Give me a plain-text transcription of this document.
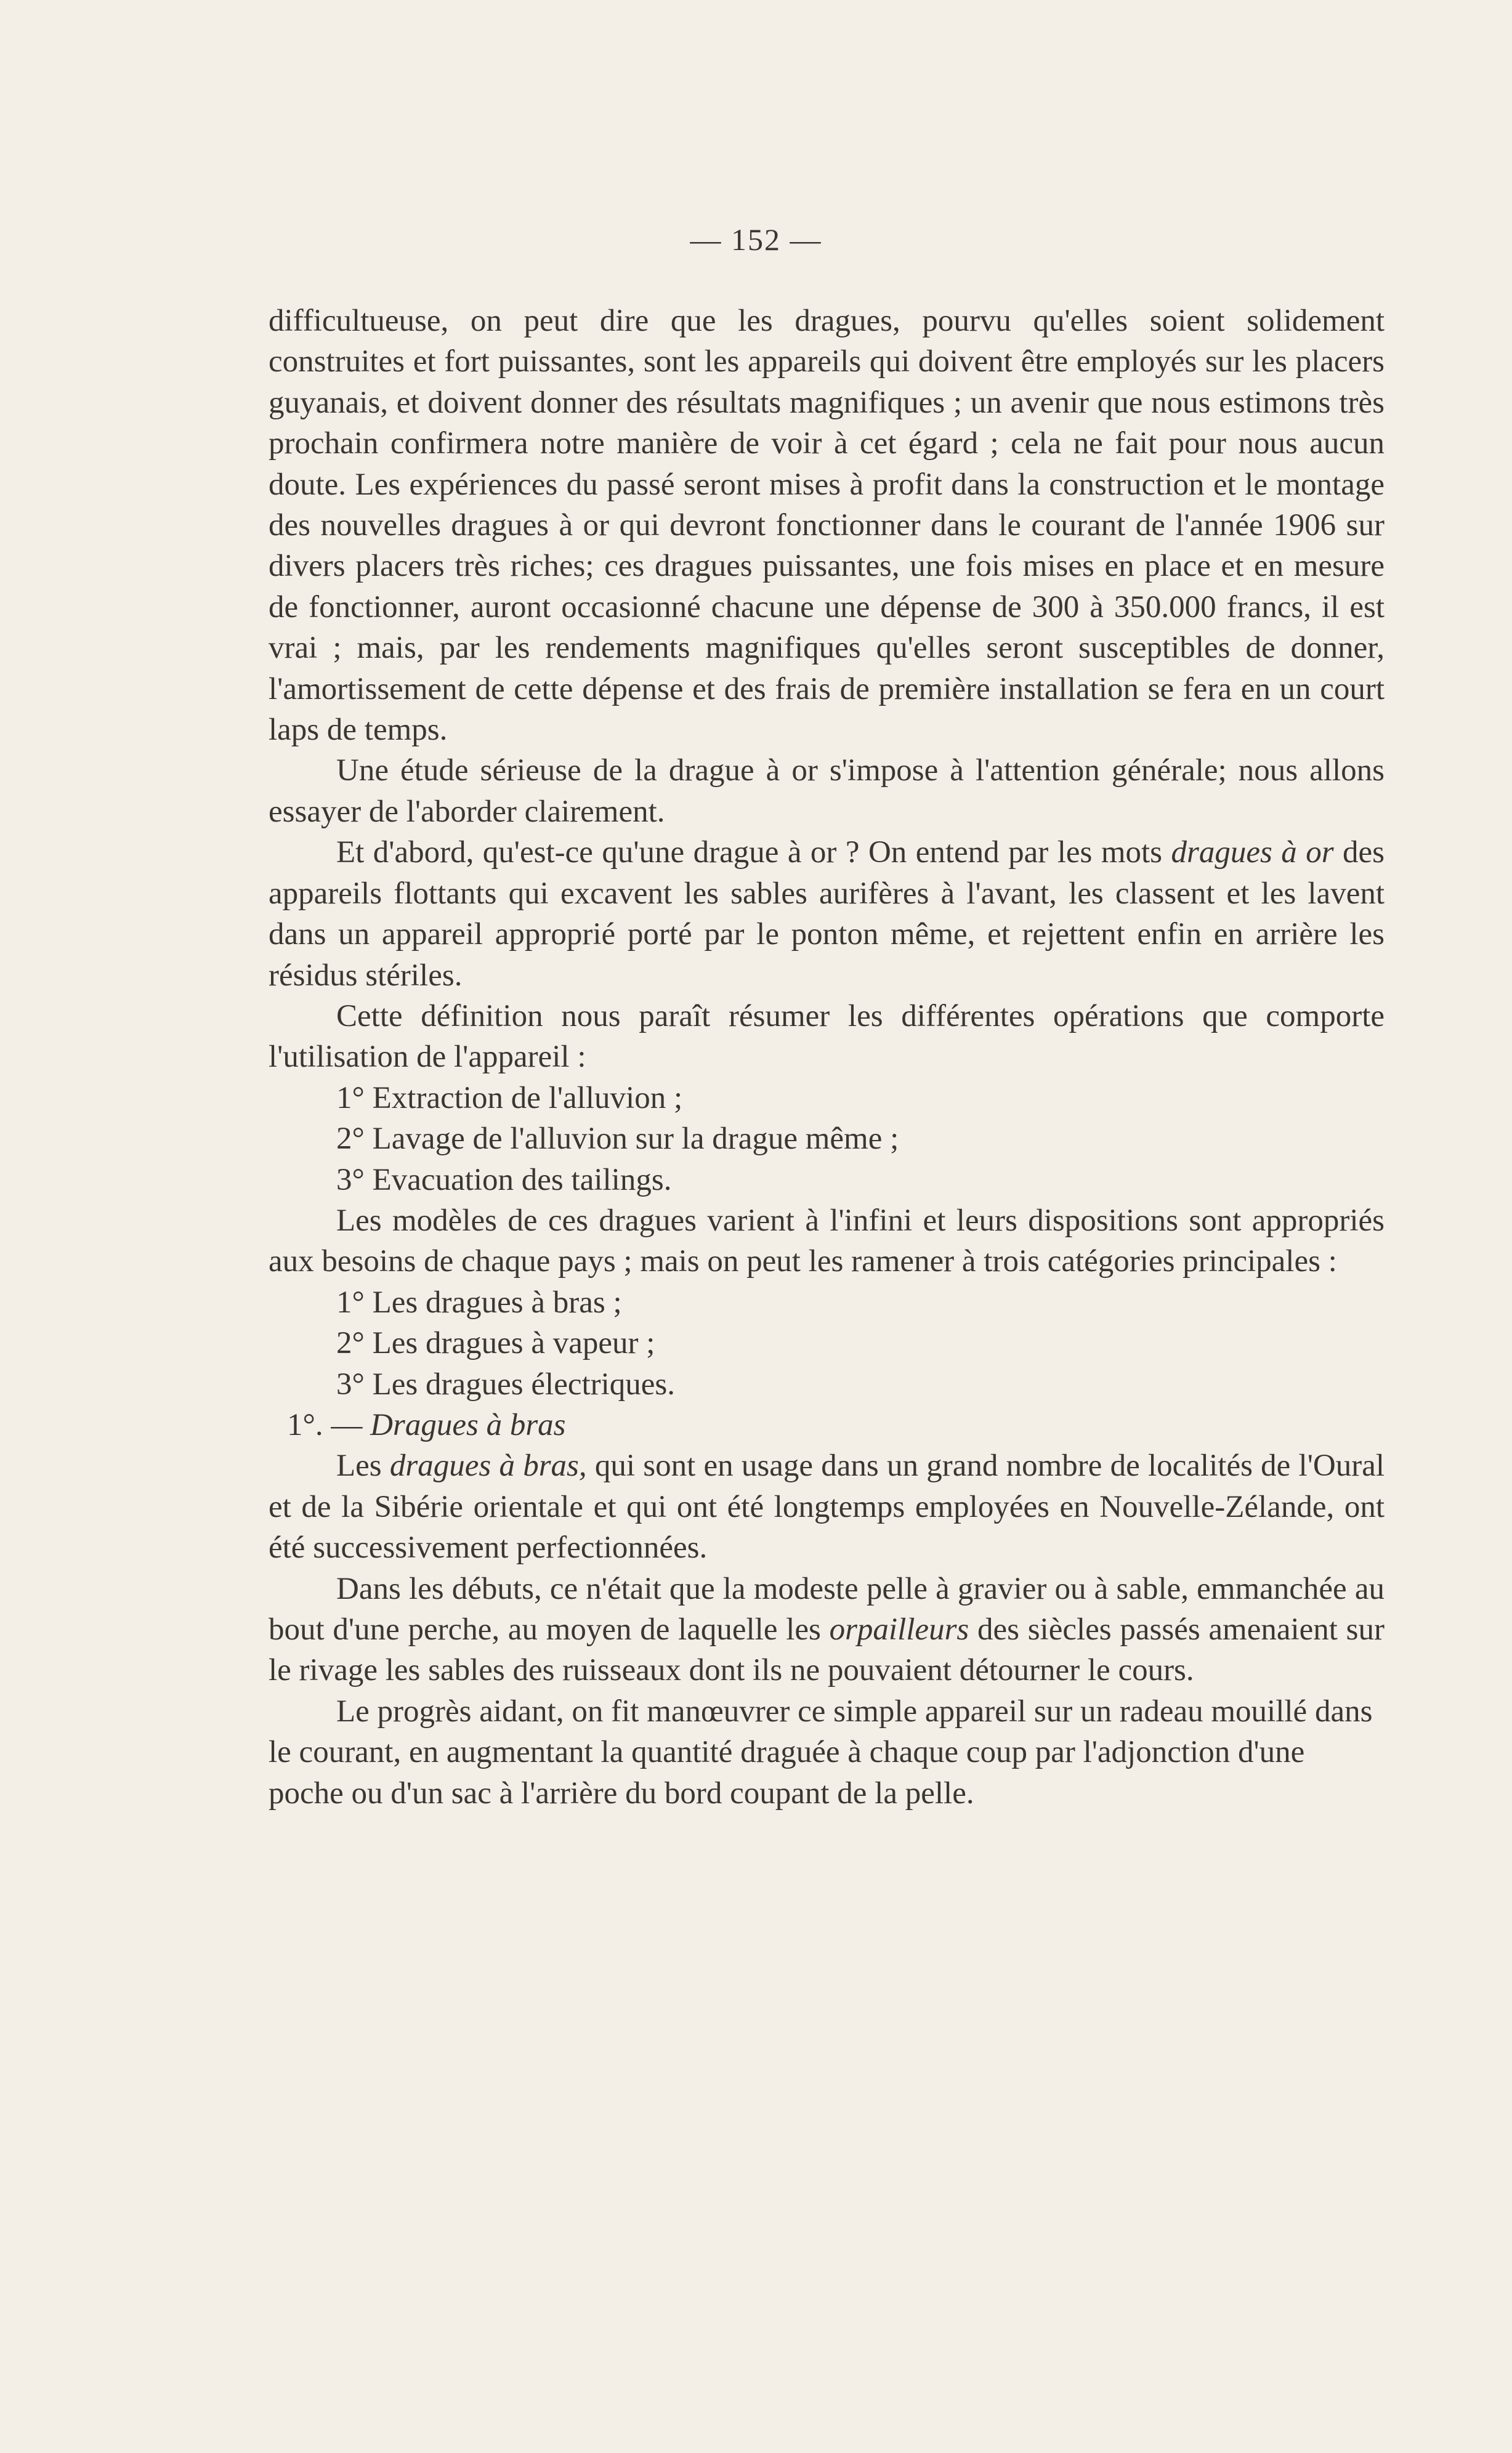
— 152 —

difficultueuse, on peut dire que les dragues, pourvu qu'elles soient solidement construites et fort puissantes, sont les appareils qui doivent être employés sur les placers guyanais, et doivent donner des résultats magnifiques ; un avenir que nous estimons très prochain confirmera notre manière de voir à cet égard ; cela ne fait pour nous aucun doute. Les expériences du passé seront mises à profit dans la construction et le montage des nouvelles dragues à or qui devront fonctionner dans le courant de l'année 1906 sur divers placers très riches; ces dragues puissantes, une fois mises en place et en mesure de fonctionner, auront occasionné chacune une dépense de 300 à 350.000 francs, il est vrai ; mais, par les rendements magnifiques qu'elles seront susceptibles de donner, l'amortissement de cette dépense et des frais de première installation se fera en un court laps de temps.

Une étude sérieuse de la drague à or s'impose à l'attention générale; nous allons essayer de l'aborder clairement.

Et d'abord, qu'est-ce qu'une drague à or ? On entend par les mots dragues à or des appareils flottants qui excavent les sables aurifères à l'avant, les classent et les lavent dans un appareil approprié porté par le ponton même, et rejettent enfin en arrière les résidus stériles.

Cette définition nous paraît résumer les différentes opérations que comporte l'utilisation de l'appareil :

1° Extraction de l'alluvion ;

2° Lavage de l'alluvion sur la drague même ;

3° Evacuation des tailings.

Les modèles de ces dragues varient à l'infini et leurs dispositions sont appropriés aux besoins de chaque pays ; mais on peut les ramener à trois catégories principales :

1° Les dragues à bras ;

2° Les dragues à vapeur ;

3° Les dragues électriques.

1°. — Dragues à bras

Les dragues à bras, qui sont en usage dans un grand nombre de localités de l'Oural et de la Sibérie orientale et qui ont été longtemps employées en Nouvelle-Zélande, ont été successivement perfectionnées.

Dans les débuts, ce n'était que la modeste pelle à gravier ou à sable, emmanchée au bout d'une perche, au moyen de laquelle les orpailleurs des siècles passés amenaient sur le rivage les sables des ruisseaux dont ils ne pouvaient détourner le cours.

Le progrès aidant, on fit manœuvrer ce simple appareil sur un radeau mouillé dans le courant, en augmentant la quantité draguée à chaque coup par l'adjonction d'une poche ou d'un sac à l'arrière du bord coupant de la pelle.
